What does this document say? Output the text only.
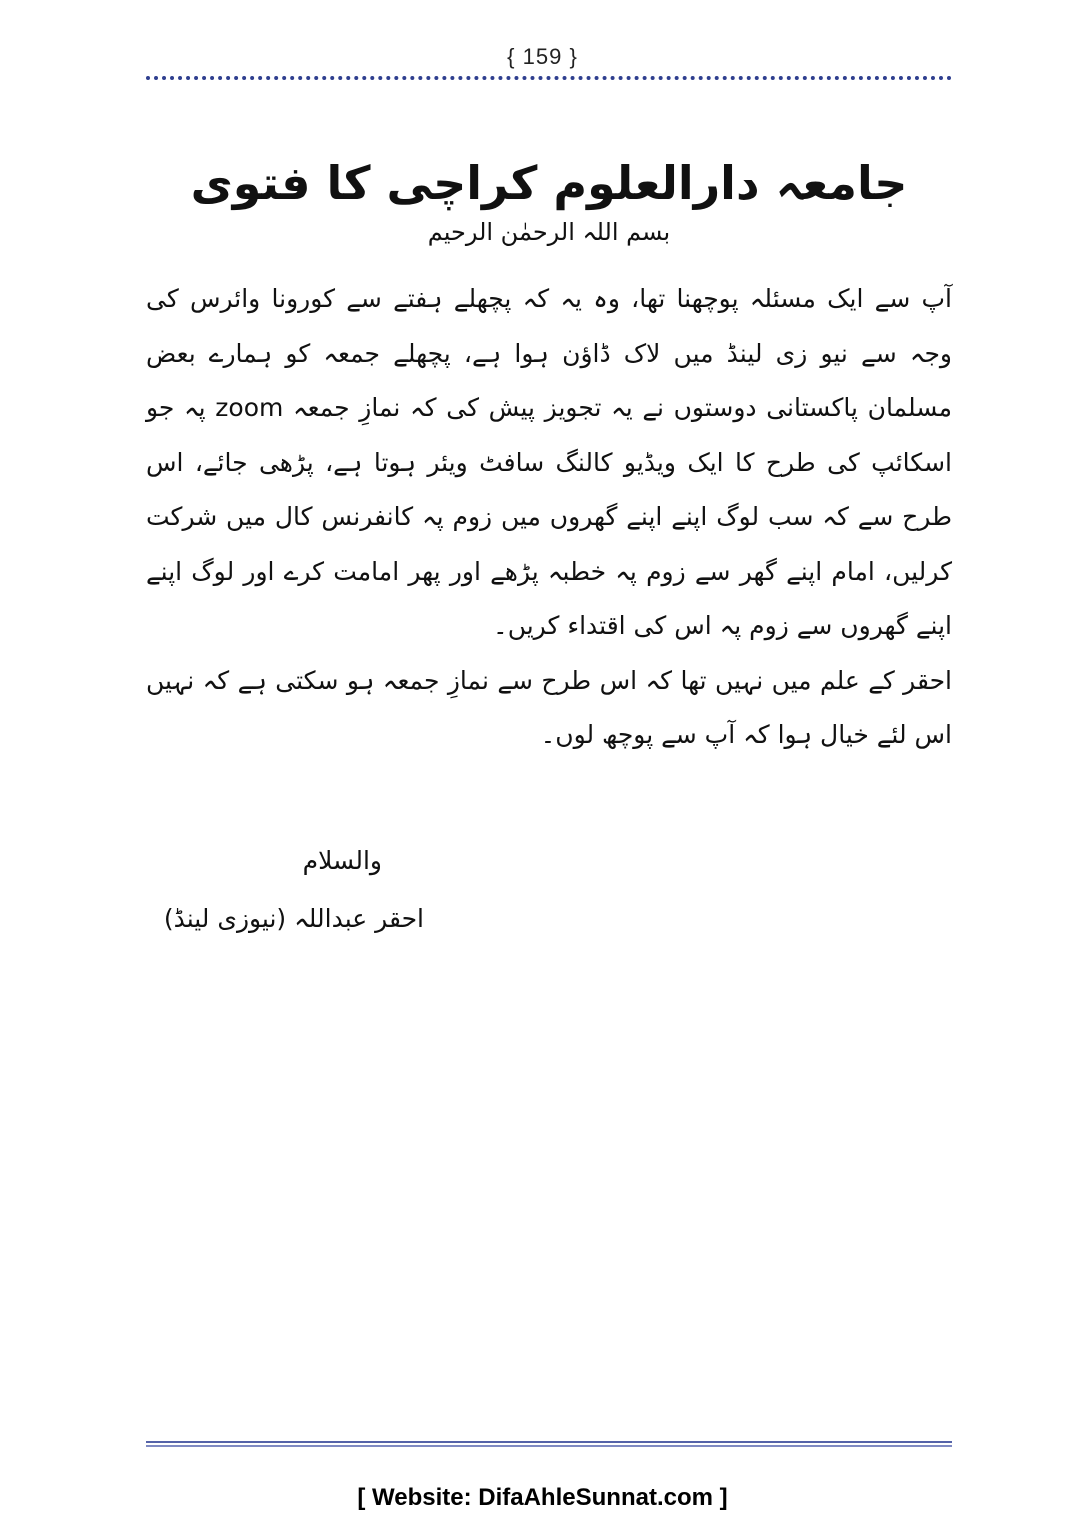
{ 159 }
جامعہ دارالعلوم کراچی کا فتوی
بسم اللہ الرحمٰن الرحیم

آپ سے ایک مسئلہ پوچھنا تھا، وہ یہ کہ پچھلے ہفتے سے کورونا وائرس کی وجہ سے نیو زی لینڈ میں لاک ڈاؤن ہوا ہے، پچھلے جمعہ کو ہمارے بعض مسلمان پاکستانی دوستوں نے یہ تجویز پیش کی کہ نمازِ جمعہ zoom پہ جو اسکائپ کی طرح کا ایک ویڈیو کالنگ سافٹ ویئر ہوتا ہے، پڑھی جائے، اس طرح سے کہ سب لوگ اپنے اپنے گھروں میں زوم پہ کانفرنس کال میں شرکت کرلیں، امام اپنے گھر سے زوم پہ خطبہ پڑھے اور پھر امامت کرے اور لوگ اپنے اپنے گھروں سے زوم پہ اس کی اقتداء کریں۔

احقر کے علم میں نہیں تھا کہ اس طرح سے نمازِ جمعہ ہو سکتی ہے کہ نہیں اس لئے خیال ہوا کہ آپ سے پوچھ لوں۔

والسلام
احقر عبداللہ (نیوزی لینڈ)
[ Website: DifaAhleSunnat.com ]
